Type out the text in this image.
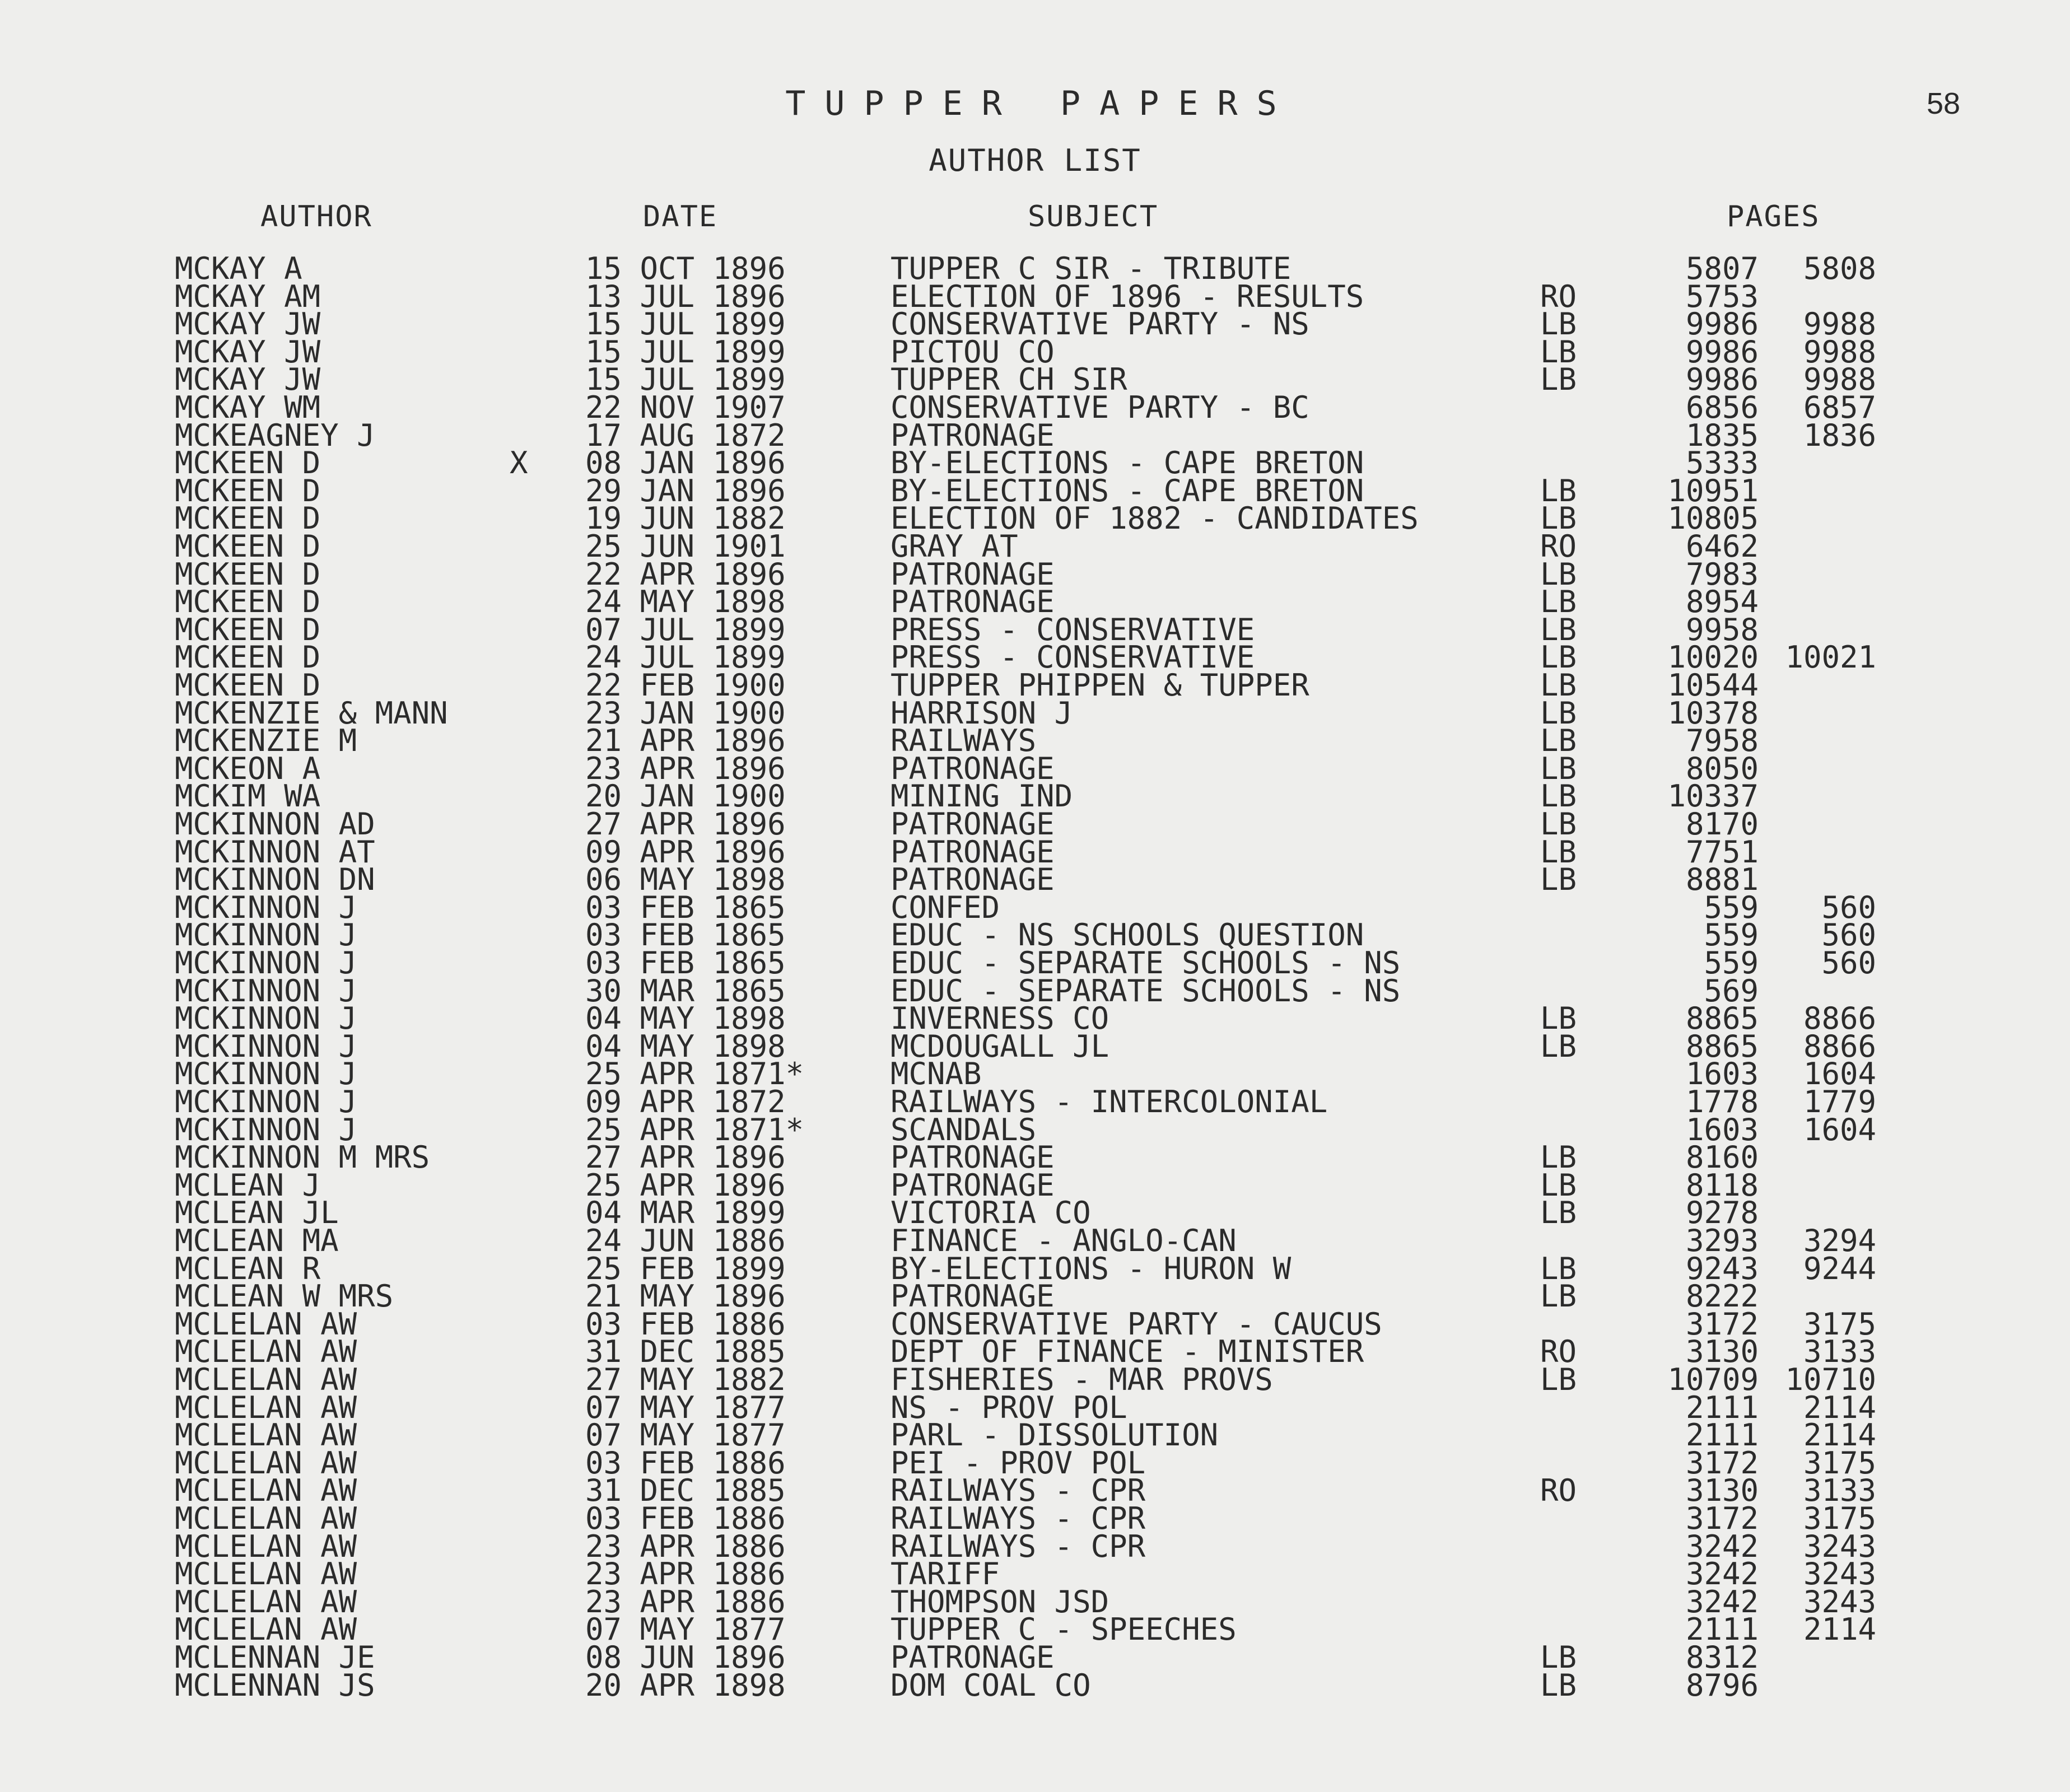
TUPPER PAPERS	58
AUTHOR LIST
AUTHOR	DATE	SUBJECT	PAGES
MCKAY A	15 OCT 1896	TUPPER C SIR - TRIBUTE	5807	5808
MCKAY AM	13 JUL 1896	ELECTION OF 1896 - RESULTS	RO	5753
MCKAY JW	15 JUL 1899	CONSERVATIVE PARTY - NS	LB	9986	9988
MCKAY JW	15 JUL 1899	PICTOU CO	LB	9986	9988
MCKAY JW	15 JUL 1899	TUPPER CH SIR	LB	9986	9988
MCKAY WM	22 NOV 1907	CONSERVATIVE PARTY - BC	6856	6857
MCKEAGNEY J	17 AUG 1872	PATRONAGE	1835	1836
MCKEEN D	X 08 JAN 1896	BY-ELECTIONS - CAPE BRETON	5333
MCKEEN D	29 JAN 1896	BY-ELECTIONS - CAPE BRETON	LB	10951
MCKEEN D	19 JUN 1882	ELECTION OF 1882 - CANDIDATES	LB	10805
MCKEEN D	25 JUN 1901	GRAY AT	RO	6462
MCKEEN D	22 APR 1896	PATRONAGE	LB	7983
MCKEEN D	24 MAY 1898	PATRONAGE	LB	8954
MCKEEN D	07 JUL 1899	PRESS - CONSERVATIVE	LB	9958
MCKEEN D	24 JUL 1899	PRESS - CONSERVATIVE	LB	10020 10021
MCKEEN D	22 FEB 1900	TUPPER PHIPPEN & TUPPER	LB	10544
MCKENZIE & MANN	23 JAN 1900	HARRISON J	LB	10378
MCKENZIE M	21 APR 1896	RAILWAYS	LB	7958
MCKEON A	23 APR 1896	PATRONAGE	LB	8050
MCKIM WA	20 JAN 1900	MINING IND	LB	10337
MCKINNON AD	27 APR 1896	PATRONAGE	LB	8170
MCKINNON AT	09 APR 1896	PATRONAGE	LB	7751
MCKINNON DN	06 MAY 1898	PATRONAGE	LB	8881
MCKINNON J	03 FEB 1865	CONFED	559	560
MCKINNON J	03 FEB 1865	EDUC - NS SCHOOLS QUESTION	559	560
MCKINNON J	03 FEB 1865	EDUC - SEPARATE SCHOOLS - NS	559	560
MCKINNON J	30 MAR 1865	EDUC - SEPARATE SCHOOLS - NS	569
MCKINNON J	04 MAY 1898	INVERNESS CO	LB	8865	8866
MCKINNON J	04 MAY 1898	MCDOUGALL JL	LB	8865	8866
MCKINNON J	25 APR 1871*	MCNAB	1603	1604
MCKINNON J	09 APR 1872	RAILWAYS - INTERCOLONIAL	1778	1779
MCKINNON J	25 APR 1871*	SCANDALS	1603	1604
MCKINNON M MRS	27 APR 1896	PATRONAGE	LB	8160
MCLEAN J	25 APR 1896	PATRONAGE	LB	8118
MCLEAN JL	04 MAR 1899	VICTORIA CO	LB	9278
MCLEAN MA	24 JUN 1886	FINANCE - ANGLO-CAN	3293	3294
MCLEAN R	25 FEB 1899	BY-ELECTIONS - HURON W	LB	9243	9244
MCLEAN W MRS	21 MAY 1896	PATRONAGE	LB	8222
MCLELAN AW	03 FEB 1886	CONSERVATIVE PARTY - CAUCUS	3172	3175
MCLELAN AW	31 DEC 1885	DEPT OF FINANCE - MINISTER	RO	3130	3133
MCLELAN AW	27 MAY 1882	FISHERIES - MAR PROVS	LB	10709 10710
MCLELAN AW	07 MAY 1877	NS - PROV POL	2111	2114
MCLELAN AW	07 MAY 1877	PARL - DISSOLUTION	2111	2114
MCLELAN AW	03 FEB 1886	PEI - PROV POL	3172	3175
MCLELAN AW	31 DEC 1885	RAILWAYS - CPR	RO	3130	3133
MCLELAN AW	03 FEB 1886	RAILWAYS - CPR	3172	3175
MCLELAN AW	23 APR 1886	RAILWAYS - CPR	3242	3243
MCLELAN AW	23 APR 1886	TARIFF	3242	3243
MCLELAN AW	23 APR 1886	THOMPSON JSD	3242	3243
MCLELAN AW	07 MAY 1877	TUPPER C - SPEECHES	2111	2114
MCLENNAN JE	08 JUN 1896	PATRONAGE	LB	8312
MCLENNAN JS	20 APR 1898	DOM COAL CO	LB	8796
